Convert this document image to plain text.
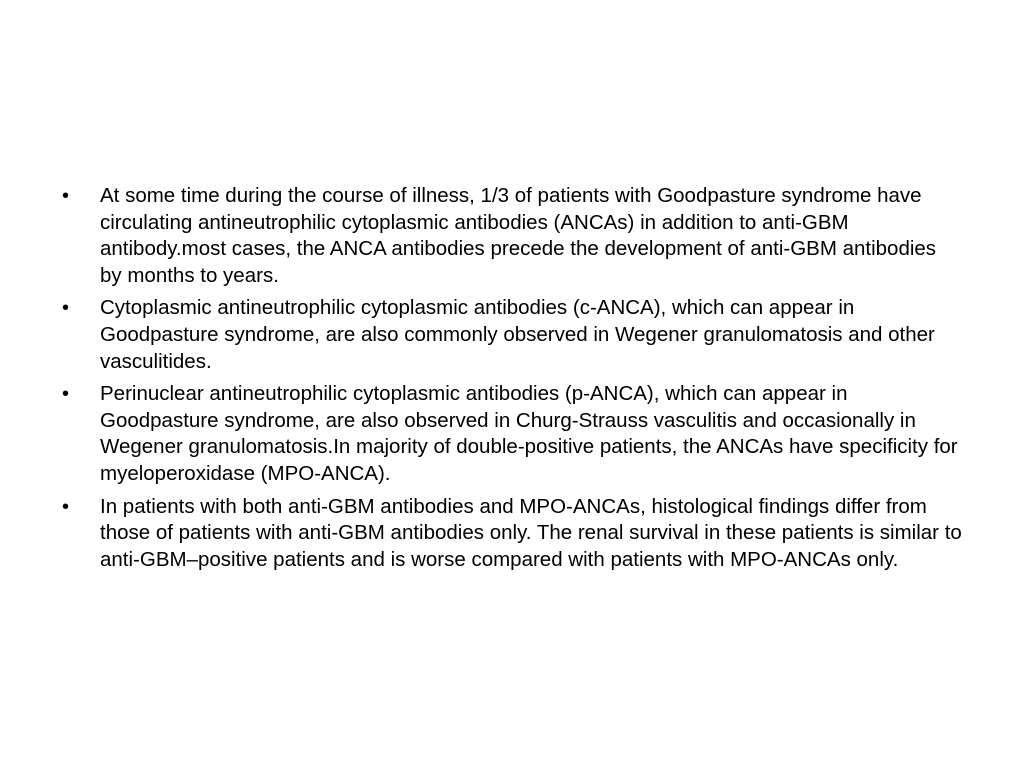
•	At some time during the course of illness, 1/3 of patients with Goodpasture syndrome have circulating antineutrophilic cytoplasmic antibodies (ANCAs) in addition to anti-GBM antibody.most cases, the ANCA antibodies precede the development of anti-GBM antibodies by months to years.
•	Cytoplasmic antineutrophilic cytoplasmic antibodies (c-ANCA), which can appear in Goodpasture syndrome, are also commonly observed in Wegener granulomatosis and other vasculitides.
•	Perinuclear antineutrophilic cytoplasmic antibodies (p-ANCA), which can appear in Goodpasture syndrome, are also observed in Churg-Strauss vasculitis and occasionally in Wegener granulomatosis.In majority of double-positive patients, the ANCAs have specificity for myeloperoxidase (MPO-ANCA).
•	In patients with both anti-GBM antibodies and MPO-ANCAs, histological findings differ from those of patients with anti-GBM antibodies only. The renal survival in these patients is similar to anti-GBM–positive patients and is worse compared with patients with MPO-ANCAs only.
